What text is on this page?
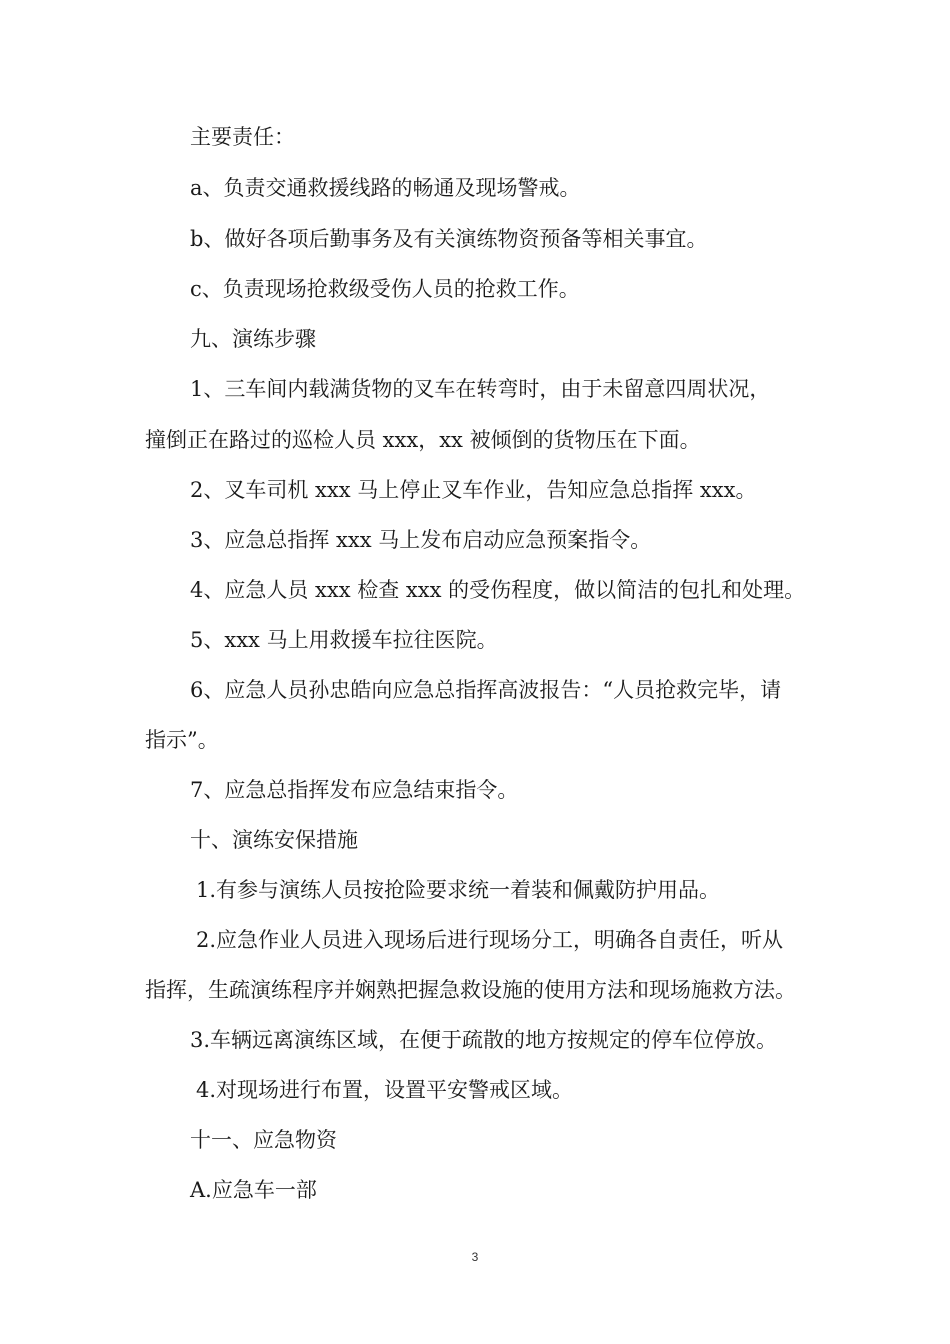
主要责任：
a、负责交通救援线路的畅通及现场警戒。
b、做好各项后勤事务及有关演练物资预备等相关事宜。
c、负责现场抢救级受伤人员的抢救工作。
九、演练步骤
1、三车间内载满货物的叉车在转弯时，由于未留意四周状况，
撞倒正在路过的巡检人员 xxx，xx 被倾倒的货物压在下面。
2、叉车司机 xxx 马上停止叉车作业，告知应急总指挥 xxx。
3、应急总指挥 xxx 马上发布启动应急预案指令。
4、应急人员 xxx 检查 xxx 的受伤程度，做以简洁的包扎和处理。
5、xxx 马上用救援车拉往医院。
6、应急人员孙忠皓向应急总指挥高波报告：“人员抢救完毕，请
指示”。
7、应急总指挥发布应急结束指令。
十、演练安保措施
1.有参与演练人员按抢险要求统一着装和佩戴防护用品。
2.应急作业人员进入现场后进行现场分工，明确各自责任，听从
指挥，生疏演练程序并娴熟把握急救设施的使用方法和现场施救方法。
3.车辆远离演练区域，在便于疏散的地方按规定的停车位停放。
4.对现场进行布置，设置平安警戒区域。
十一、应急物资
A.应急车一部
3
